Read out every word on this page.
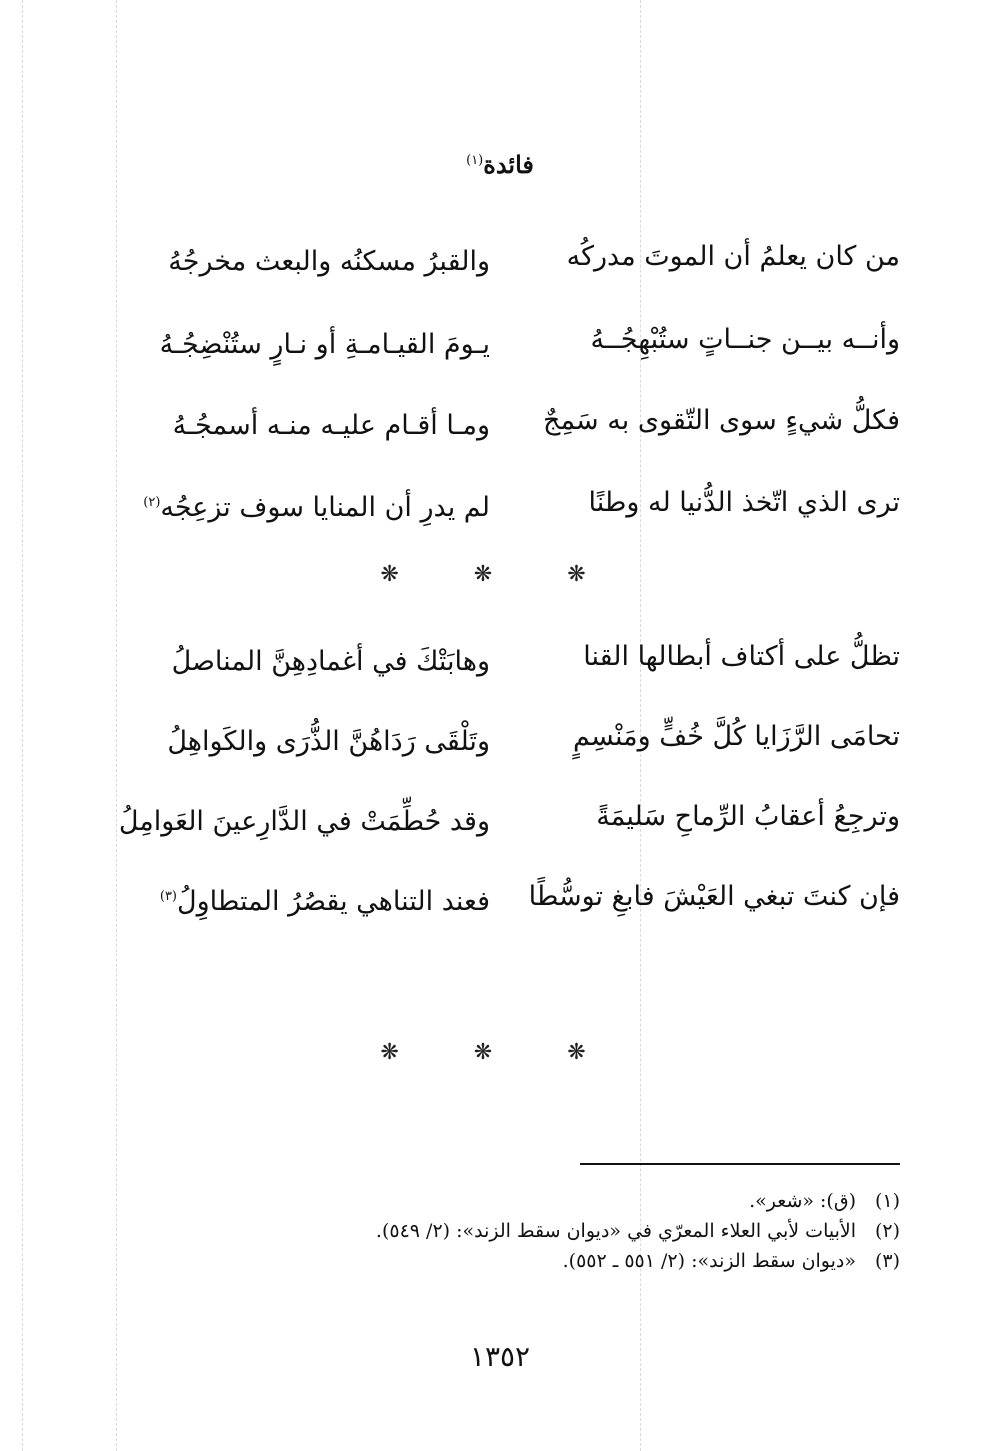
فائدة$^{(١)}$
من كان يعلمُ أن الموتَ مدركُه
والقبرُ مسكنُه والبعث مخرجُهُ
وأنــه بيــن جنــاتٍ ستُبْهِجُــهُ
يـومَ القيـامـةِ أو نـارٍ ستُنْضِجُـهُ
فكلُّ شيءٍ سوى التّقوى به سَمِجٌ
ومـا أقـام عليـه منـه أسمجُـهُ
ترى الذي اتّخذ الدُّنيا له وطنًا
لم يدرِ أن المنايا سوف تزعِجُه$^{(٢)}$
❋ ❋ ❋
تظلُّ على أكتاف أبطالها القنا
وهابَتْكَ في أغمادِهِنَّ المناصلُ
تحامَى الرَّزَايا كُلَّ خُفٍّ ومَنْسِمٍ
وتَلْقَى رَدَاهُنَّ الذُّرَى والكَواهِلُ
وترجِعُ أعقابُ الرِّماحِ سَليمَةً
وقد حُطِّمَتْ في الدَّارِعينَ العَوامِلُ
فإن كنتَ تبغي العَيْشَ فابغِ توسُّطًا
فعند التناهي يقصُرُ المتطاوِلُ$^{(٣)}$
❋ ❋ ❋
(١)(ق): «شعر».
(٢)الأبيات لأبي العلاء المعرّي في «ديوان سقط الزند»: (٢/ ٥٤٩).
(٣)«ديوان سقط الزند»: (٢/ ٥٥١ ـ ٥٥٢).
١٣٥٢
